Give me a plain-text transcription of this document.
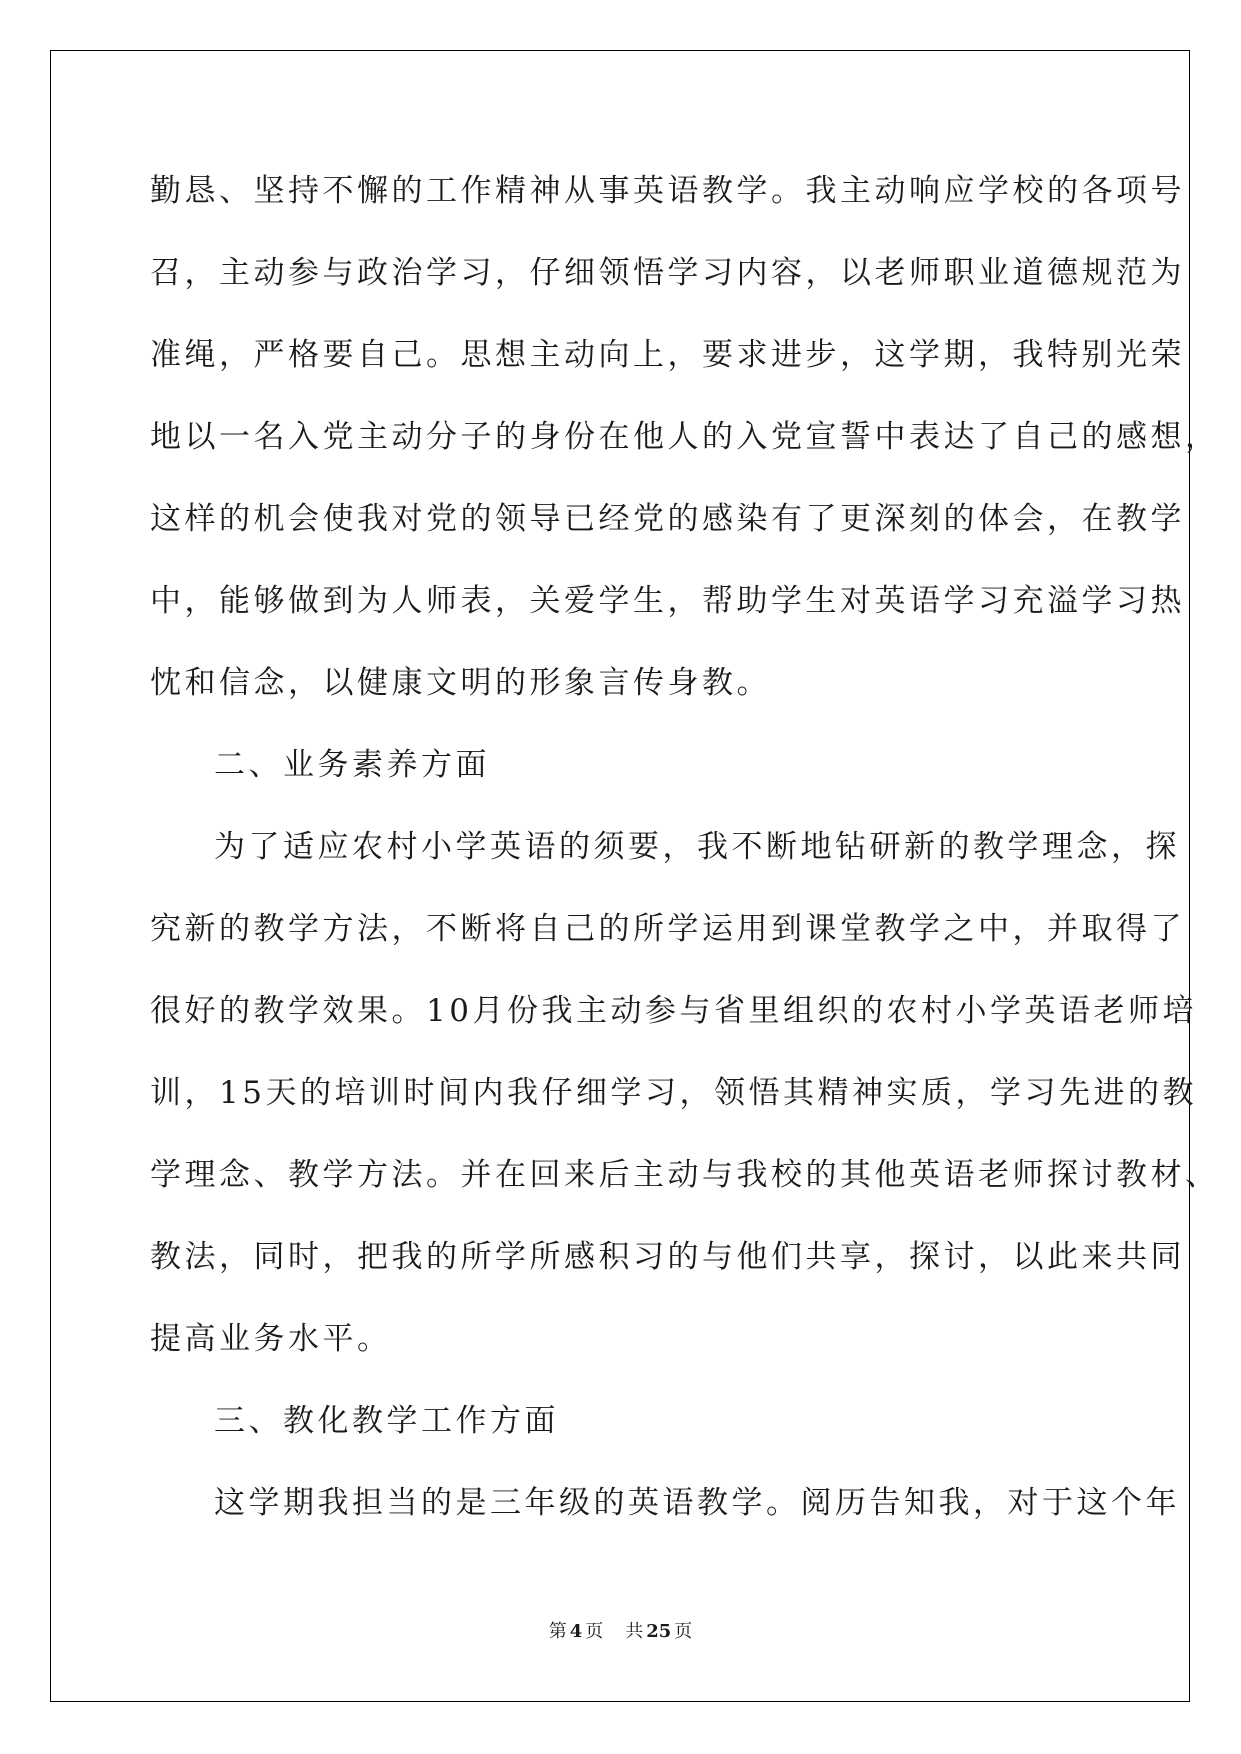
勤恳、坚持不懈的工作精神从事英语教学。我主动响应学校的各项号
召，主动参与政治学习，仔细领悟学习内容，以老师职业道德规范为
准绳，严格要自己。思想主动向上，要求进步，这学期，我特别光荣
地以一名入党主动分子的身份在他人的入党宣誓中表达了自己的感想，
这样的机会使我对党的领导已经党的感染有了更深刻的体会，在教学
中，能够做到为人师表，关爱学生，帮助学生对英语学习充溢学习热
忱和信念，以健康文明的形象言传身教。
二、业务素养方面
为了适应农村小学英语的须要，我不断地钻研新的教学理念，探
究新的教学方法，不断将自己的所学运用到课堂教学之中，并取得了
很好的教学效果。10月份我主动参与省里组织的农村小学英语老师培
训，15天的培训时间内我仔细学习，领悟其精神实质，学习先进的教
学理念、教学方法。并在回来后主动与我校的其他英语老师探讨教材、
教法，同时，把我的所学所感积习的与他们共享，探讨，以此来共同
提高业务水平。
三、教化教学工作方面
这学期我担当的是三年级的英语教学。阅历告知我，对于这个年
第 4 页 共 25 页
